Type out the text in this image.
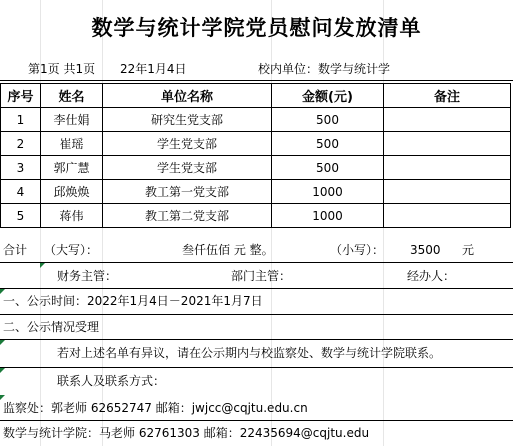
数学与统计学院党员慰问发放清单
第1页 共1页 22年1月4日	校内单位：数学与统计学
序号	姓名	单位名称	金额(元)	备注
1	李仕娟	研究生党支部	500	
2	崔瑶	学生党支部	500	
3	郭广慧	学生党支部	500	
4	邱焕焕	教工第一党支部	1000	
5	蒋伟	教工第二党支部	1000	
合计 （大写）：	叁仟伍佰 元 整。	（小写）： 3500 元
财务主管：	部门主管：	经办人：
一、公示时间：2022年1月4日－2021年1月7日
二、公示情况受理
若对上述名单有异议，请在公示期内与校监察处、数学与统计学院联系。
联系人及联系方式：
监察处：郭老师 62652747 邮箱：jwjcc@cqjtu.edu.cn
数学与统计学院：马老师 62761303 邮箱：22435694@cqjtu.edu
